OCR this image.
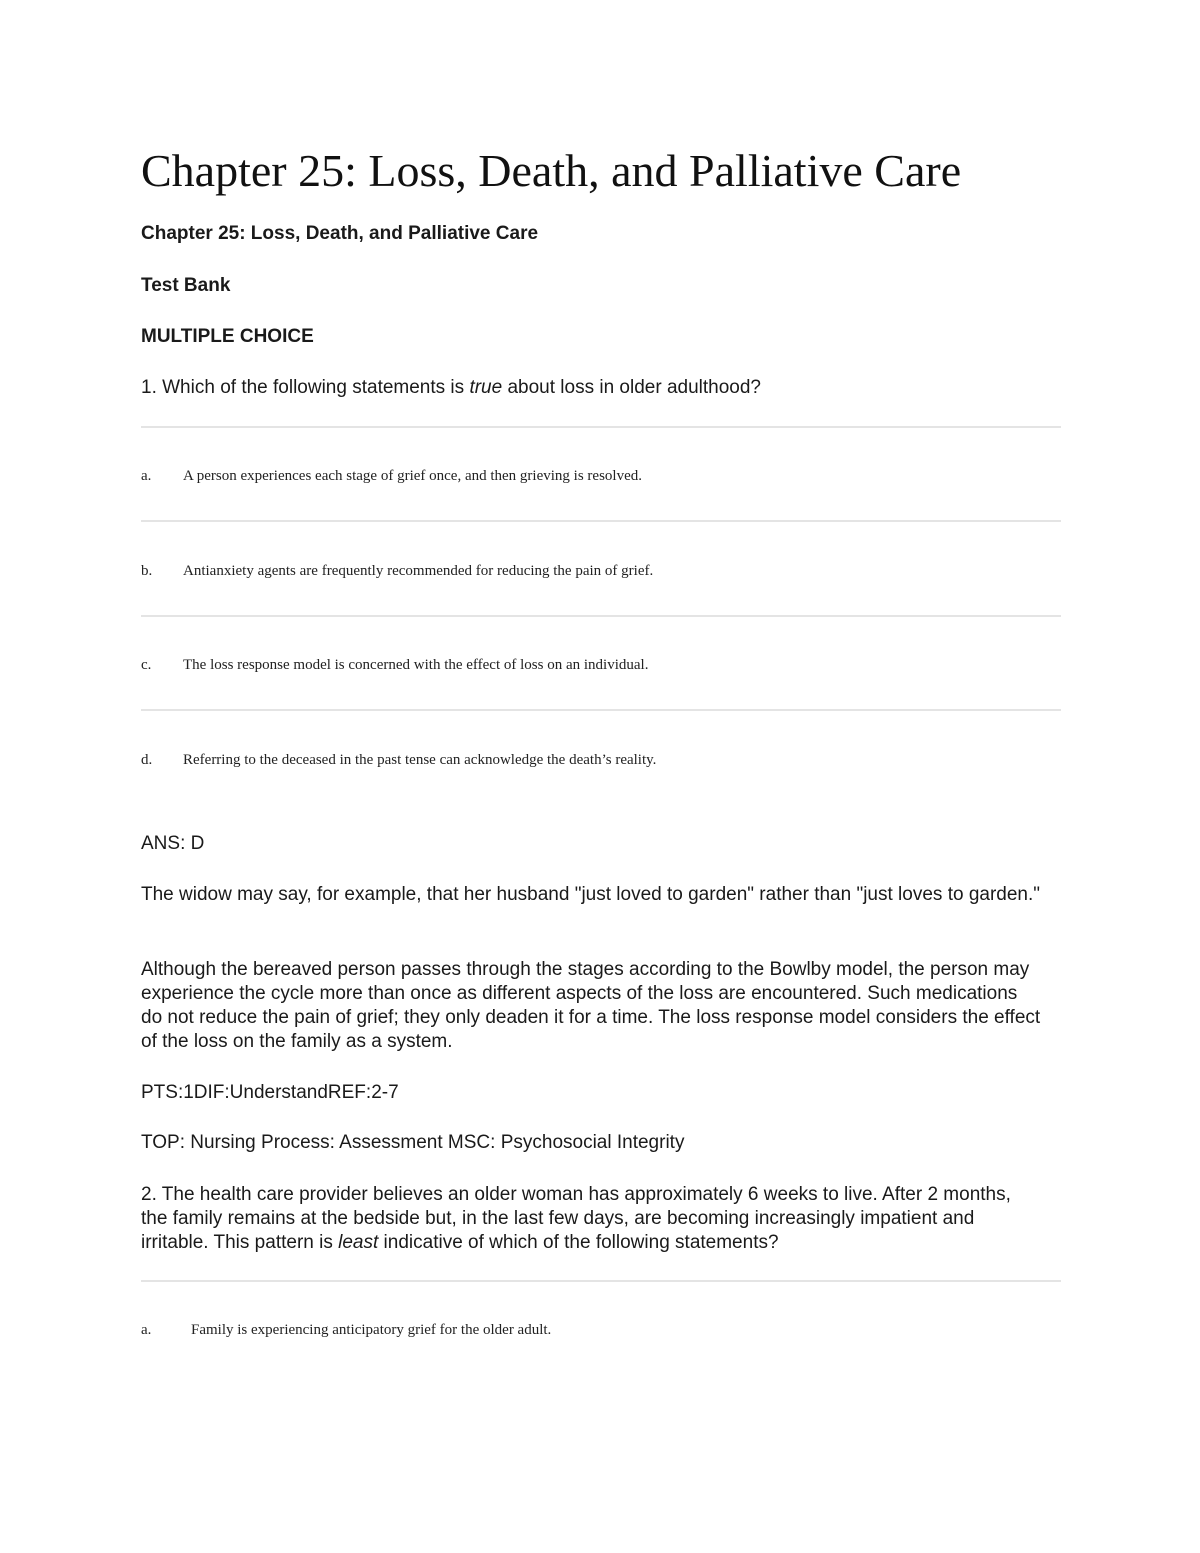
Chapter 25: Loss, Death, and Palliative Care

Chapter 25: Loss, Death, and Palliative Care

Test Bank

MULTIPLE CHOICE

1. Which of the following statements is true about loss in older adulthood?

a. A person experiences each stage of grief once, and then grieving is resolved.
b. Antianxiety agents are frequently recommended for reducing the pain of grief.
c. The loss response model is concerned with the effect of loss on an individual.
d. Referring to the deceased in the past tense can acknowledge the death’s reality.

ANS: D

The widow may say, for example, that her husband "just loved to garden" rather than "just loves to garden."

Although the bereaved person passes through the stages according to the Bowlby model, the person may experience the cycle more than once as different aspects of the loss are encountered. Such medications do not reduce the pain of grief; they only deaden it for a time. The loss response model considers the effect of the loss on the family as a system.

PTS:1DIF:UnderstandREF:2-7

TOP: Nursing Process: Assessment MSC: Psychosocial Integrity

2. The health care provider believes an older woman has approximately 6 weeks to live. After 2 months, the family remains at the bedside but, in the last few days, are becoming increasingly impatient and irritable. This pattern is least indicative of which of the following statements?

a.	Family is experiencing anticipatory grief for the older adult.
